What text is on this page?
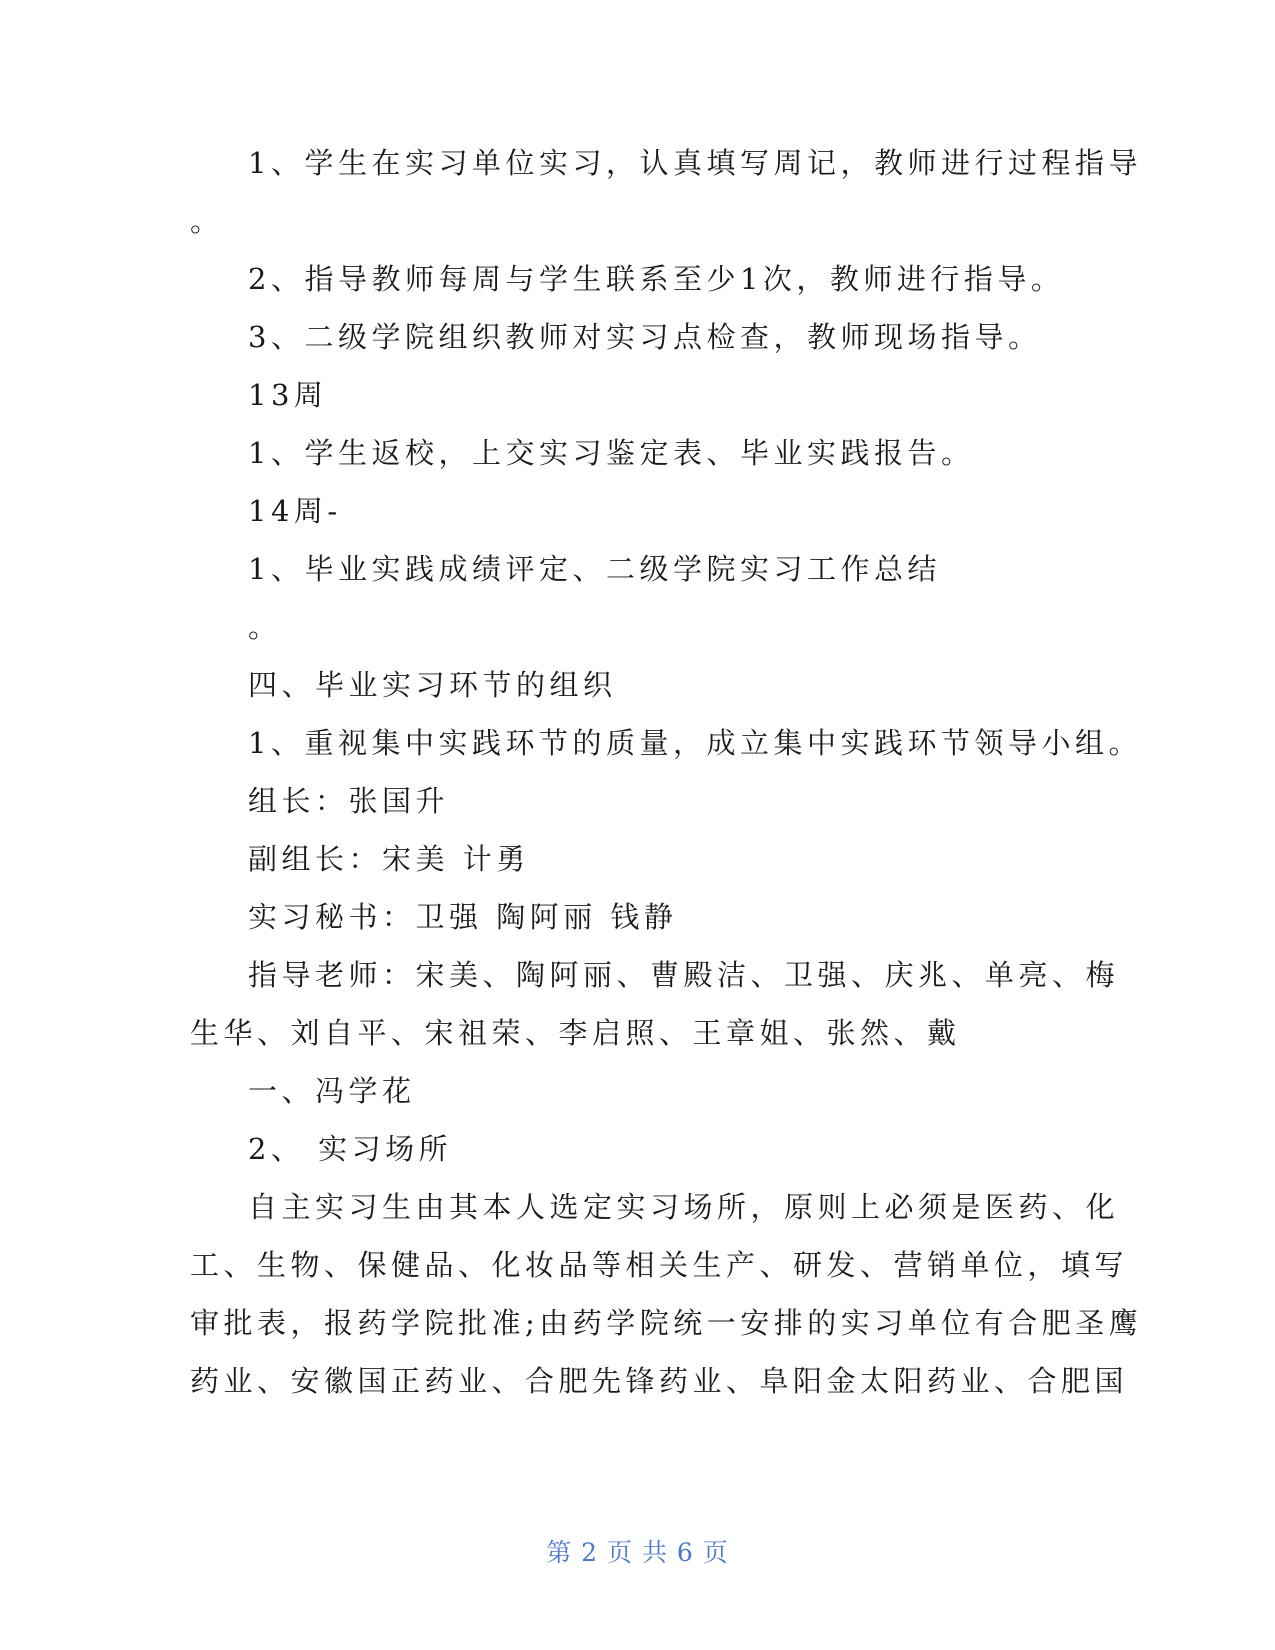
1、学生在实习单位实习，认真填写周记，教师进行过程指导
。
2、指导教师每周与学生联系至少1次，教师进行指导。
3、二级学院组织教师对实习点检查，教师现场指导。
13周
1、学生返校，上交实习鉴定表、毕业实践报告。
14周-
1、毕业实践成绩评定、二级学院实习工作总结
。
四、毕业实习环节的组织
1、重视集中实践环节的质量，成立集中实践环节领导小组。
组长：张国升
副组长：宋美 计勇
实习秘书：卫强 陶阿丽 钱静
指导老师：宋美、陶阿丽、曹殿洁、卫强、庆兆、单亮、梅
生华、刘自平、宋祖荣、李启照、王章姐、张然、戴
一、冯学花
2、 实习场所
自主实习生由其本人选定实习场所，原则上必须是医药、化
工、生物、保健品、化妆品等相关生产、研发、营销单位，填写
审批表，报药学院批准;由药学院统一安排的实习单位有合肥圣鹰
药业、安徽国正药业、合肥先锋药业、阜阳金太阳药业、合肥国
第 2 页 共 6 页
